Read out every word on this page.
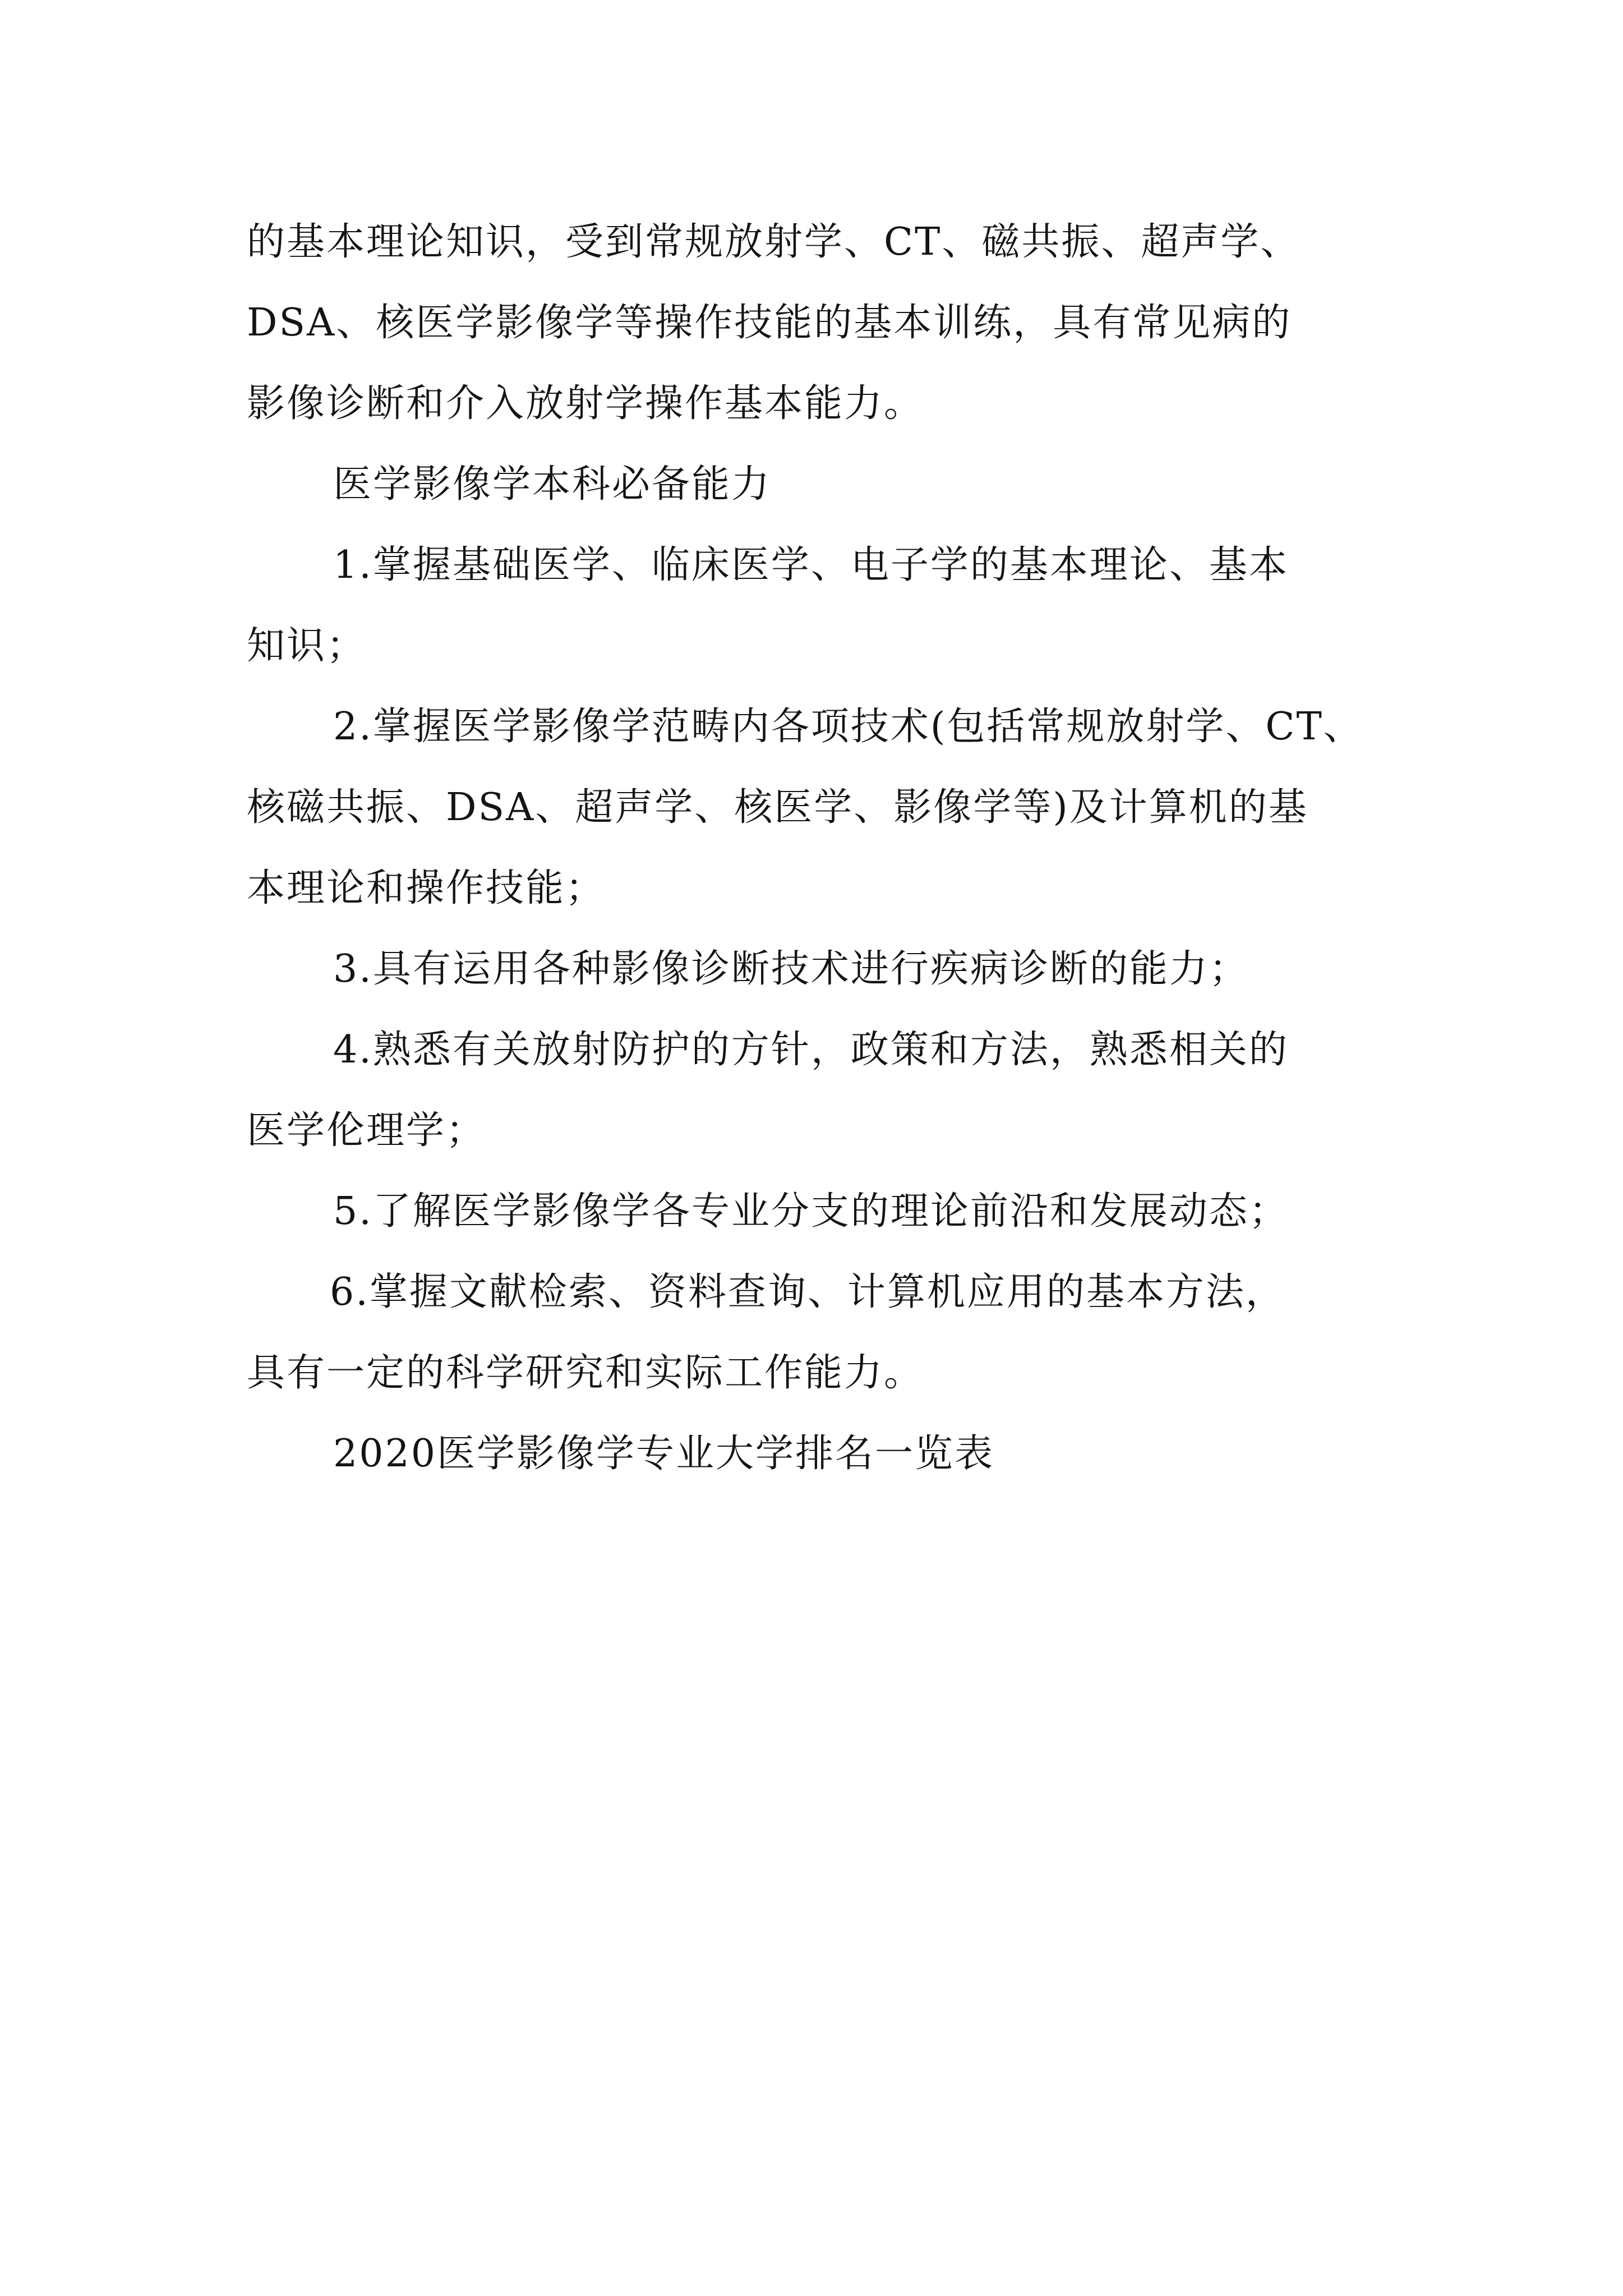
的基本理论知识，受到常规放射学、CT、磁共振、超声学、
DSA、核医学影像学等操作技能的基本训练，具有常见病的
影像诊断和介入放射学操作基本能力。
医学影像学本科必备能力
1.掌握基础医学、临床医学、电子学的基本理论、基本
知识；
2.掌握医学影像学范畴内各项技术(包括常规放射学、CT、
核磁共振、DSA、超声学、核医学、影像学等)及计算机的基
本理论和操作技能；
3.具有运用各种影像诊断技术进行疾病诊断的能力；
4.熟悉有关放射防护的方针，政策和方法，熟悉相关的
医学伦理学；
5.了解医学影像学各专业分支的理论前沿和发展动态；
6.掌握文献检索、资料查询、计算机应用的基本方法，
具有一定的科学研究和实际工作能力。
2020医学影像学专业大学排名一览表
